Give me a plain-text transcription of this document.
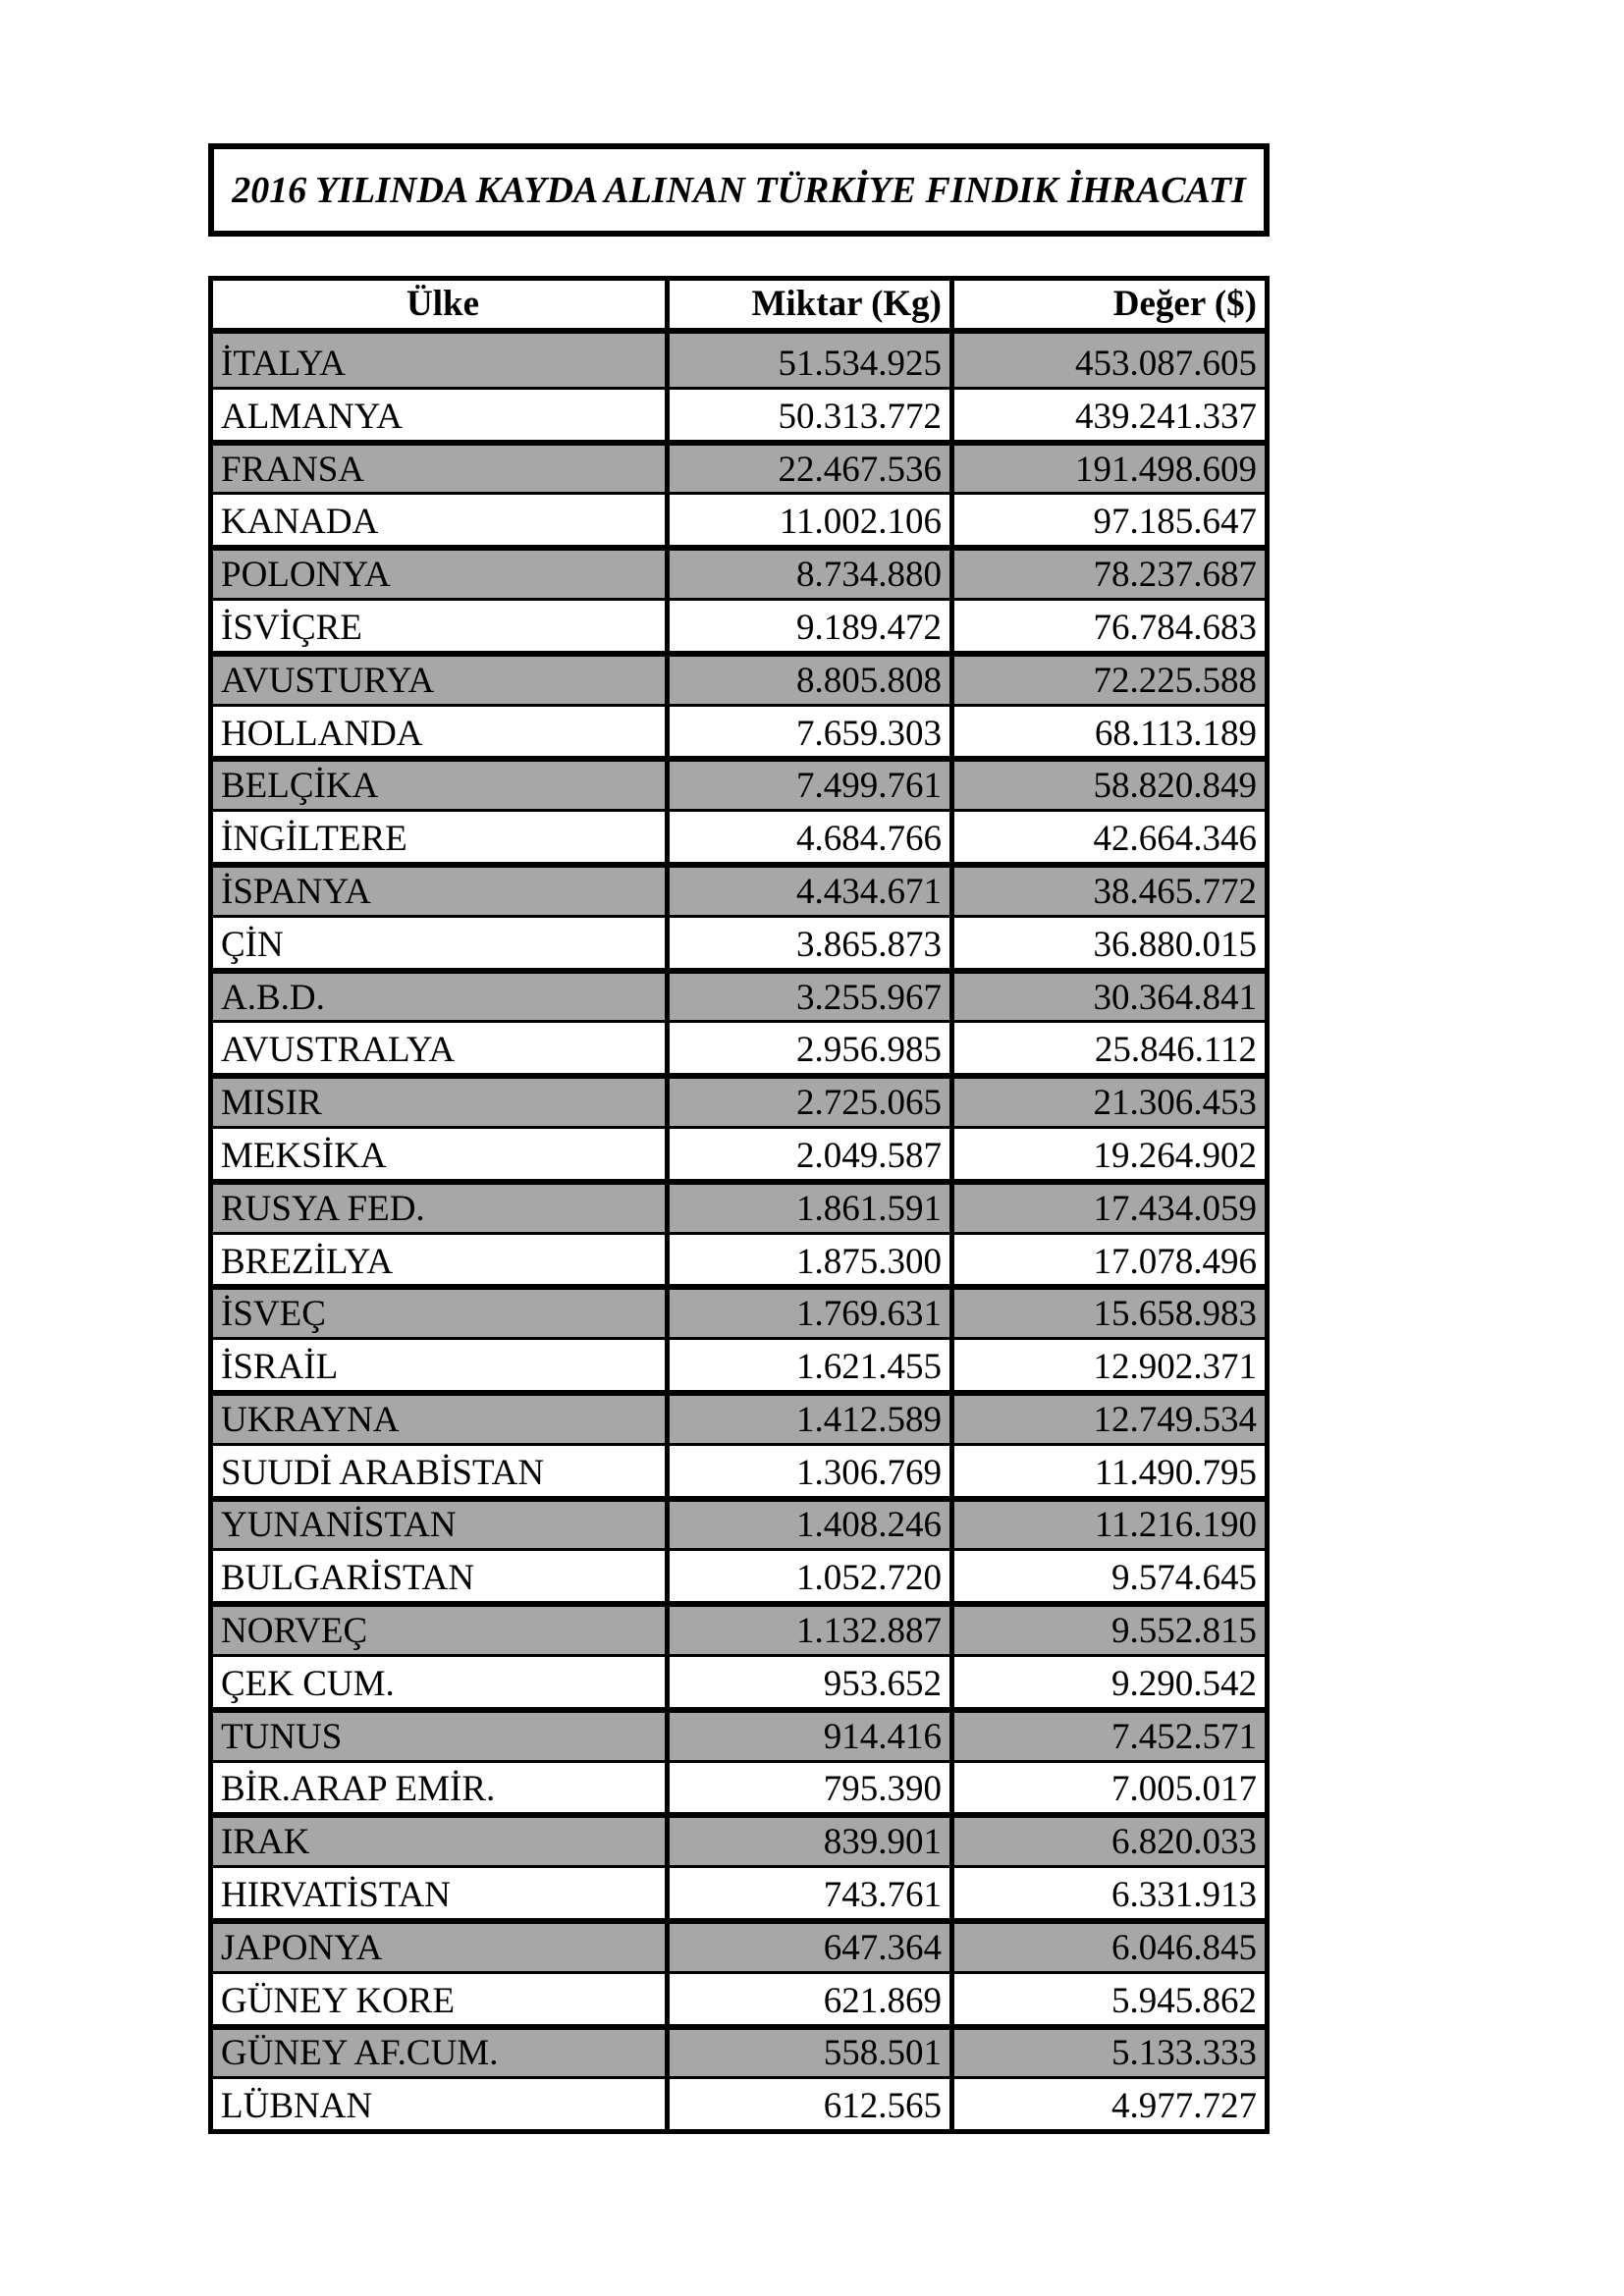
2016 YILINDA KAYDA ALINAN TÜRKİYE FINDIK İHRACATI
Ülke	Miktar (Kg)	Değer ($)
İTALYA	51.534.925	453.087.605
ALMANYA	50.313.772	439.241.337
FRANSA	22.467.536	191.498.609
KANADA	11.002.106	97.185.647
POLONYA	8.734.880	78.237.687
İSVİÇRE	9.189.472	76.784.683
AVUSTURYA	8.805.808	72.225.588
HOLLANDA	7.659.303	68.113.189
BELÇİKA	7.499.761	58.820.849
İNGİLTERE	4.684.766	42.664.346
İSPANYA	4.434.671	38.465.772
ÇİN	3.865.873	36.880.015
A.B.D.	3.255.967	30.364.841
AVUSTRALYA	2.956.985	25.846.112
MISIR	2.725.065	21.306.453
MEKSİKA	2.049.587	19.264.902
RUSYA FED.	1.861.591	17.434.059
BREZİLYA	1.875.300	17.078.496
İSVEÇ	1.769.631	15.658.983
İSRAİL	1.621.455	12.902.371
UKRAYNA	1.412.589	12.749.534
SUUDİ ARABİSTAN	1.306.769	11.490.795
YUNANİSTAN	1.408.246	11.216.190
BULGARİSTAN	1.052.720	9.574.645
NORVEÇ	1.132.887	9.552.815
ÇEK CUM.	953.652	9.290.542
TUNUS	914.416	7.452.571
BİR.ARAP EMİR.	795.390	7.005.017
IRAK	839.901	6.820.033
HIRVATİSTAN	743.761	6.331.913
JAPONYA	647.364	6.046.845
GÜNEY KORE	621.869	5.945.862
GÜNEY AF.CUM.	558.501	5.133.333
LÜBNAN	612.565	4.977.727
